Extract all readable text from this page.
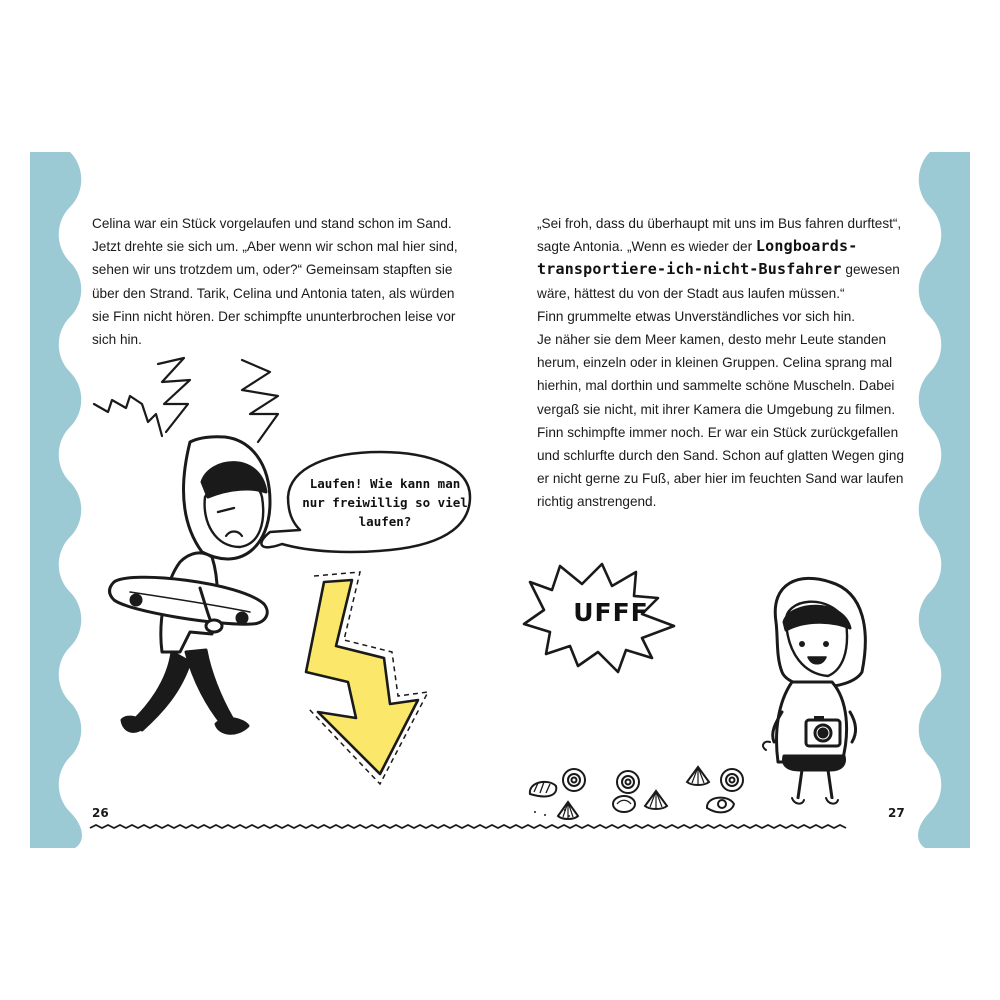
Celina war ein Stück vorgelaufen und stand schon im Sand. Jetzt drehte sie sich um. „Aber wenn wir schon mal hier sind, sehen wir uns trotzdem um, oder?“ Gemeinsam stapften sie über den Strand. Tarik, Celina und Antonia taten, als würden sie Finn nicht hören. Der schimpfte ununterbrochen leise vor sich hin.

„Sei froh, dass du überhaupt mit uns im Bus fahren durftest“, sagte Antonia. „Wenn es wieder der Longboards-transportiere-ich-nicht-Busfahrer gewesen wäre, hättest du von der Stadt aus laufen müssen.“
Finn grummelte etwas Unverständliches vor sich hin.
Je näher sie dem Meer kamen, desto mehr Leute standen herum, einzeln oder in kleinen Gruppen. Celina sprang mal hierhin, mal dorthin und sammelte schöne Muscheln. Dabei vergaß sie nicht, mit ihrer Kamera die Umgebung zu filmen.
Finn schimpfte immer noch. Er war ein Stück zurückgefallen und schlurfte durch den Sand. Schon auf glatten Wegen ging er nicht gerne zu Fuß, aber hier im feuchten Sand war laufen richtig anstrengend.

Laufen! Wie kann man nur freiwillig so viel laufen?

UFFF
26	27
